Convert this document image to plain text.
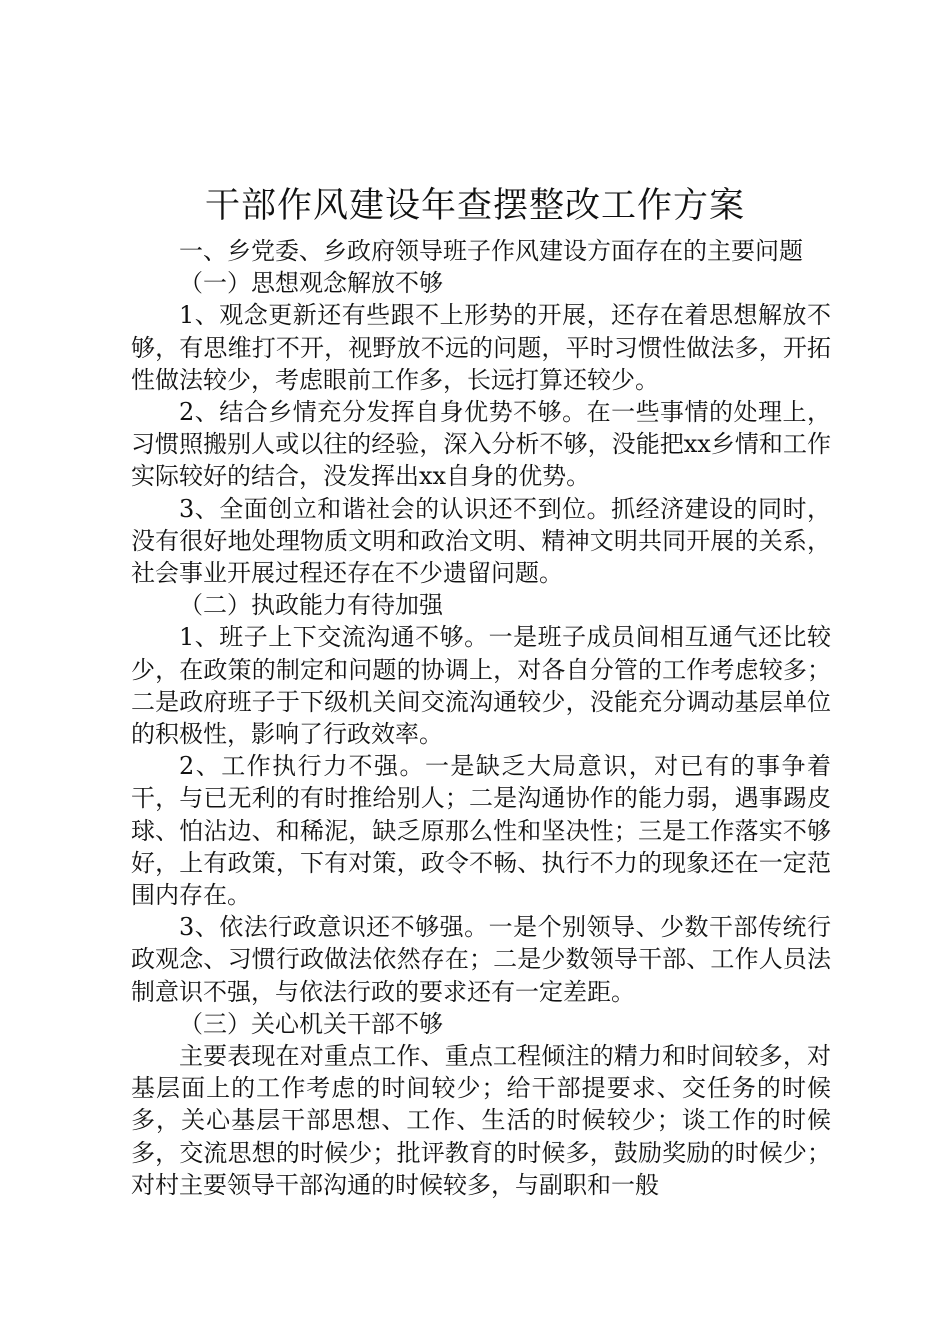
干部作风建设年查摆整改工作方案

一、乡党委、乡政府领导班子作风建设方面存在的主要问题

（一）思想观念解放不够

1、观念更新还有些跟不上形势的开展，还存在着思想解放不够，有思维打不开，视野放不远的问题，平时习惯性做法多，开拓性做法较少，考虑眼前工作多，长远打算还较少。

2、结合乡情充分发挥自身优势不够。在一些事情的处理上，习惯照搬别人或以往的经验，深入分析不够，没能把xx乡情和工作实际较好的结合，没发挥出xx自身的优势。

3、全面创立和谐社会的认识还不到位。抓经济建设的同时，没有很好地处理物质文明和政治文明、精神文明共同开展的关系，社会事业开展过程还存在不少遗留问题。

（二）执政能力有待加强

1、班子上下交流沟通不够。一是班子成员间相互通气还比较少，在政策的制定和问题的协调上，对各自分管的工作考虑较多；二是政府班子于下级机关间交流沟通较少，没能充分调动基层单位的积极性，影响了行政效率。

2、工作执行力不强。一是缺乏大局意识，对已有的事争着干，与已无利的有时推给别人；二是沟通协作的能力弱，遇事踢皮球、怕沾边、和稀泥，缺乏原那么性和坚决性；三是工作落实不够好，上有政策，下有对策，政令不畅、执行不力的现象还在一定范围内存在。

3、依法行政意识还不够强。一是个别领导、少数干部传统行政观念、习惯行政做法依然存在；二是少数领导干部、工作人员法制意识不强，与依法行政的要求还有一定差距。

（三）关心机关干部不够

主要表现在对重点工作、重点工程倾注的精力和时间较多，对基层面上的工作考虑的时间较少；给干部提要求、交任务的时候多，关心基层干部思想、工作、生活的时候较少；谈工作的时候多，交流思想的时候少；批评教育的时候多，鼓励奖励的时候少；对村主要领导干部沟通的时候较多，与副职和一般
